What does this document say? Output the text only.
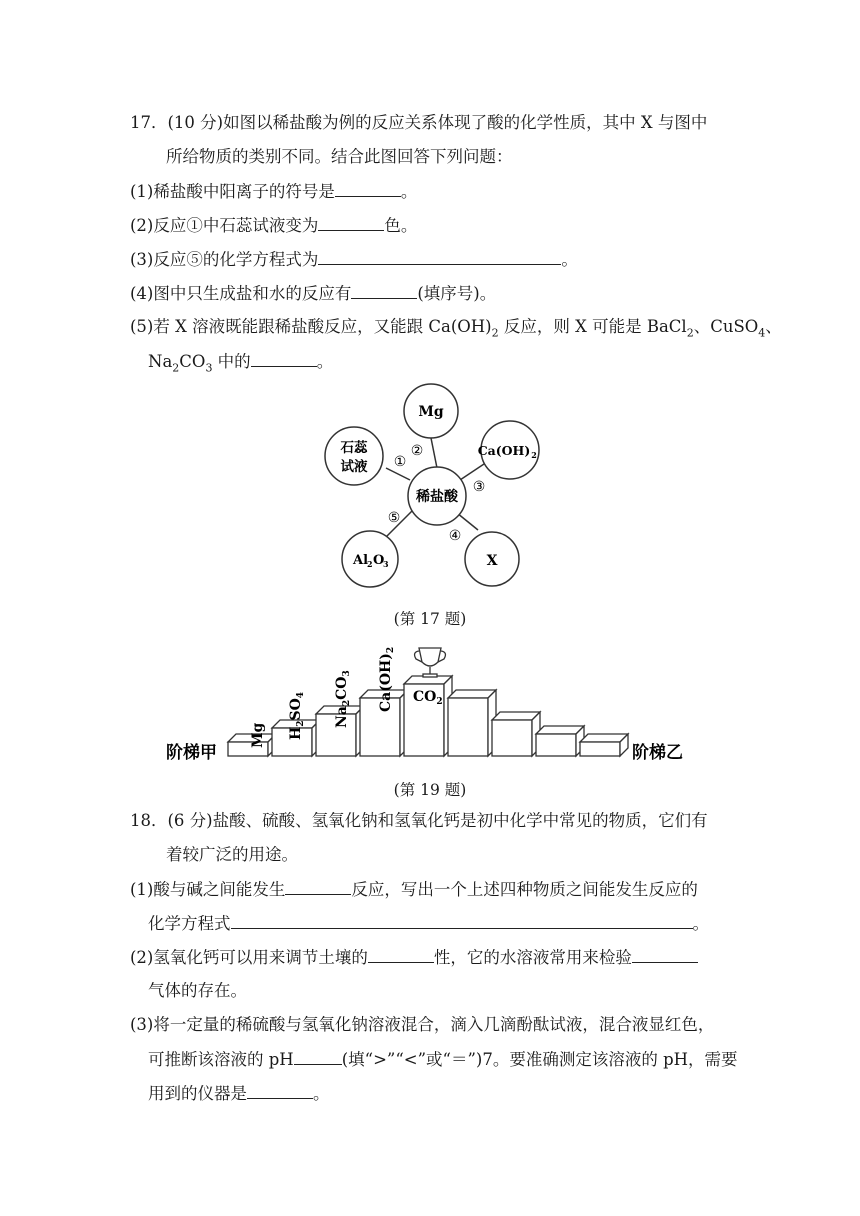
17．(10 分)如图以稀盐酸为例的反应关系体现了酸的化学性质，其中 X 与图中
所给物质的类别不同。结合此图回答下列问题：
(1)稀盐酸中阳离子的符号是	。
(2)反应①中石蕊试液变为	色。
(3)反应⑤的化学方程式为	。
(4)图中只生成盐和水的反应有	(填序号)。
(5)若 X 溶液既能跟稀盐酸反应，又能跟 $Ca(OH)_2$ 反应，则 X 可能是 BaCl$_2$、CuSO$_4$、
$Na_2CO_3$ 中的	。
稀盐酸
Mg
石蕊
试液
Ca(OH) 2
Al
2 O
3	X
①
②
③
④
⑤
(第 17 题)
阶梯甲	阶梯乙
Mg $H_2SO_4$
$Na_2CO_3$ $Ca(OH)_2$
$CO_2$
(第 19 题)
18．(6 分)盐酸、硫酸、氢氧化钠和氢氧化钙是初中化学中常见的物质，它们有
着较广泛的用途。
(1)酸与碱之间能发生	反应，写出一个上述四种物质之间能发生反应的
化学方程式	。
(2)氢氧化钙可以用来调节土壤的	性，它的水溶液常用来检验
气体的存在。
(3)将一定量的稀硫酸与氢氧化钠溶液混合，滴入几滴酚酞试液，混合液显红色，
可推断该溶液的 pH	(填“>”“<”或“＝”)7。要准确测定该溶液的 pH，需要
用到的仪器是	。
